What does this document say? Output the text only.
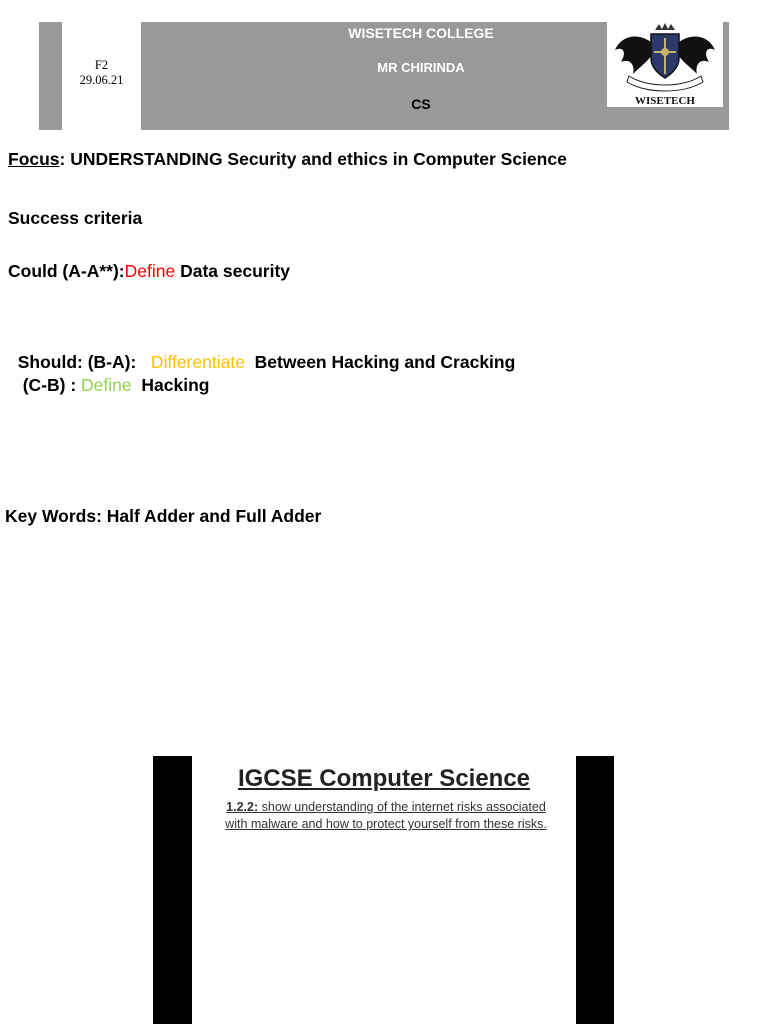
F2
29.06.21
WISETECH COLLEGE
MR CHIRINDA
CS	WISETECH
Focus: UNDERSTANDING Security and ethics in Computer Science
Success criteria
Could (A-A**):Define Data security

Should: (B-A):   Differentiate  Between Hacking and Cracking

(C-B) : Define  Hacking

Key Words: Half Adder and Full Adder
IGCSE Computer Science
1.2.2: show understanding of the internet risks associated
with malware and how to protect yourself from these risks.
